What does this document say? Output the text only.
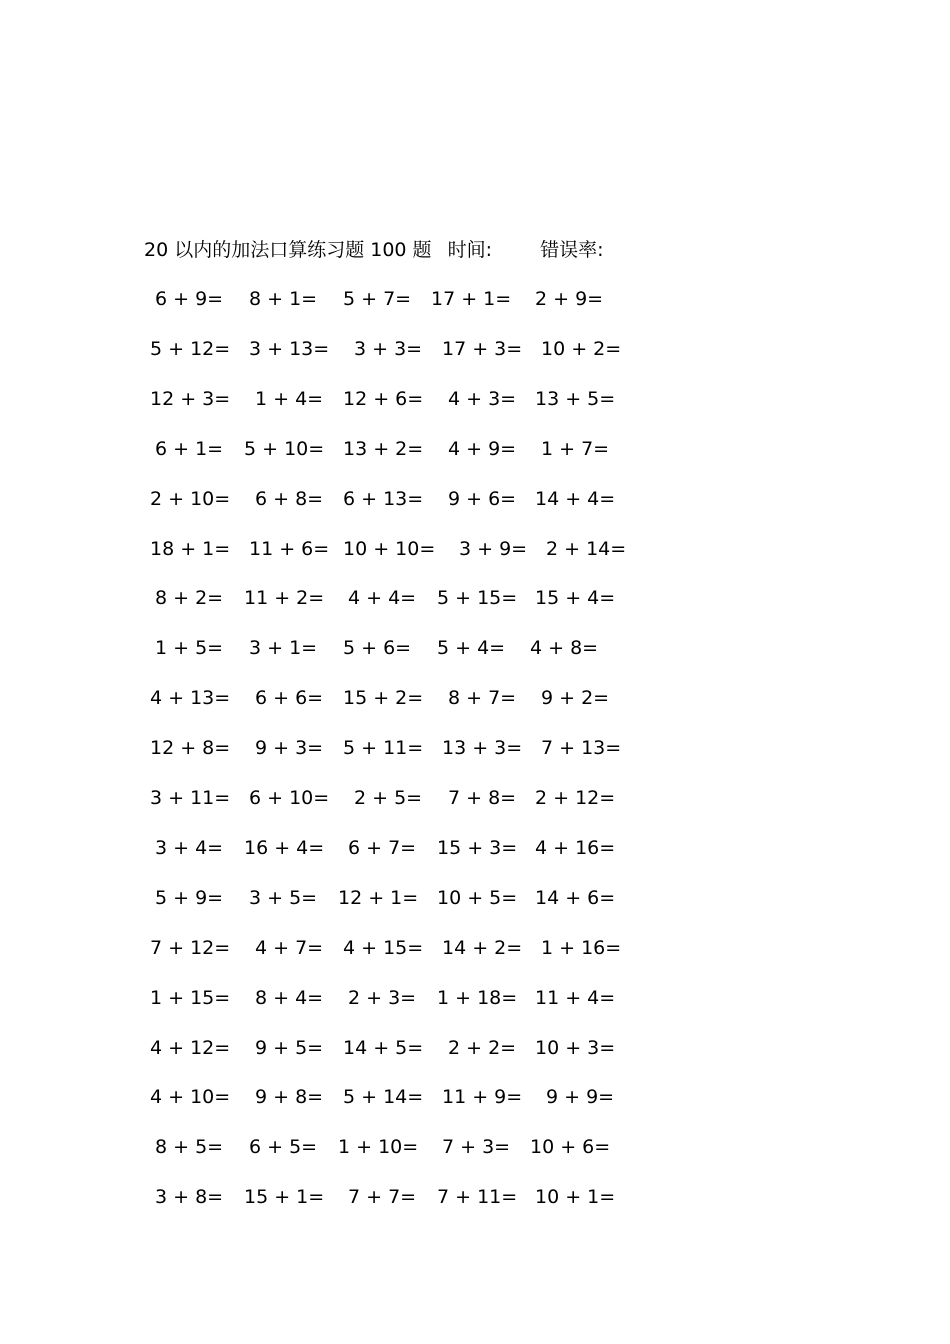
20 以内的加法口算练习题 100 题 时间:	错误率:
6 + 9= 8 + 1= 5 + 7= 17 + 1= 2 + 9=
5 + 12= 3 + 13= 3 + 3= 17 + 3= 10 + 2=
12 + 3= 1 + 4= 12 + 6= 4 + 3= 13 + 5=
6 + 1= 5 + 10= 13 + 2= 4 + 9= 1 + 7=
2 + 10= 6 + 8= 6 + 13= 9 + 6= 14 + 4=
18 + 1= 11 + 6= 10 + 10= 3 + 9= 2 + 14=
8 + 2= 11 + 2= 4 + 4= 5 + 15= 15 + 4=
1 + 5= 3 + 1= 5 + 6= 5 + 4= 4 + 8=
4 + 13= 6 + 6= 15 + 2= 8 + 7= 9 + 2=
12 + 8= 9 + 3= 5 + 11= 13 + 3= 7 + 13=
3 + 11= 6 + 10= 2 + 5= 7 + 8= 2 + 12=
3 + 4= 16 + 4= 6 + 7= 15 + 3= 4 + 16=
5 + 9= 3 + 5= 12 + 1= 10 + 5= 14 + 6=
7 + 12= 4 + 7= 4 + 15= 14 + 2= 1 + 16=
1 + 15= 8 + 4= 2 + 3= 1 + 18= 11 + 4=
4 + 12= 9 + 5= 14 + 5= 2 + 2= 10 + 3=
4 + 10= 9 + 8= 5 + 14= 11 + 9= 9 + 9=
8 + 5= 6 + 5= 1 + 10= 7 + 3= 10 + 6=
3 + 8= 15 + 1= 7 + 7= 7 + 11= 10 + 1=
